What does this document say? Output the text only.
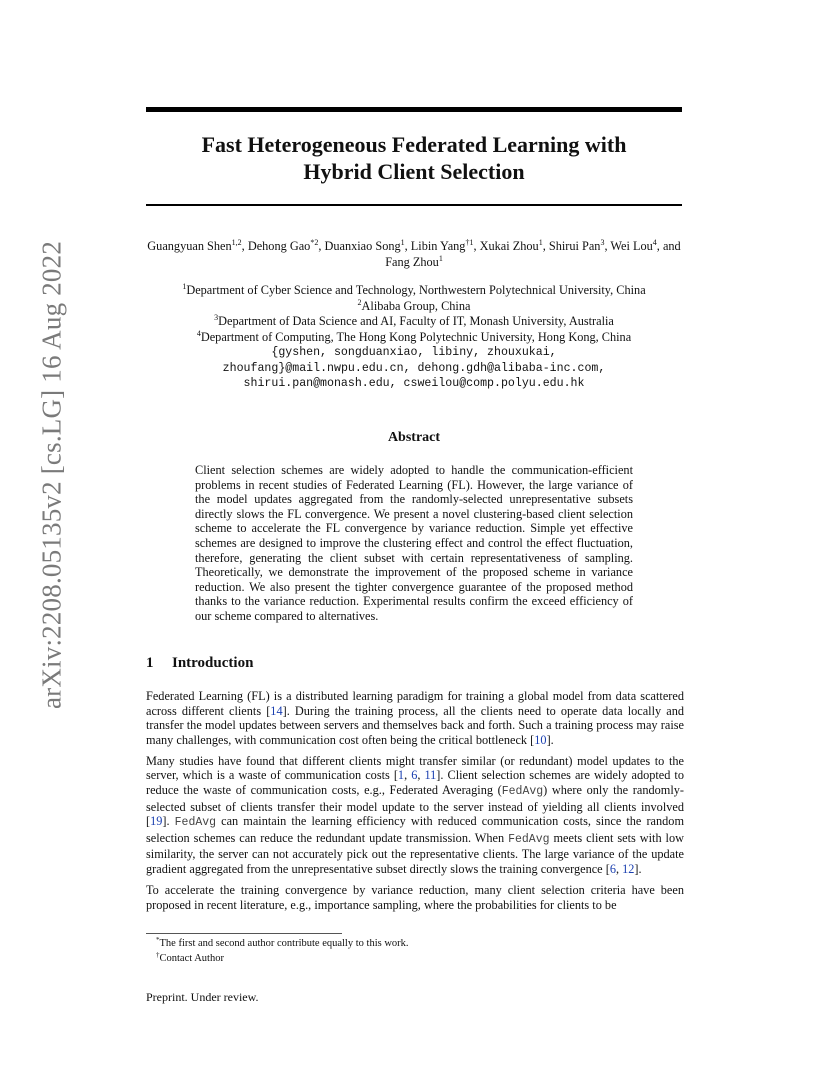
arXiv:2208.05135v2 [cs.LG] 16 Aug 2022
Fast Heterogeneous Federated Learning with
Hybrid Client Selection
Guangyuan Shen$^{1,2}$, Dehong Gao$^{*2}$, Duanxiao Song$^1$, Libin Yang$^{\dagger 1}$, Xukai Zhou$^1$, Shirui Pan$^3$, Wei Lou$^4$, and Fang Zhou$^1$
$^1$Department of Cyber Science and Technology, Northwestern Polytechnical University, China
$^2$Alibaba Group, China
$^3$Department of Data Science and AI, Faculty of IT, Monash University, Australia
$^4$Department of Computing, The Hong Kong Polytechnic University, Hong Kong, China
{gyshen, songduanxiao, libiny, zhouxukai,
zhoufang}@mail.nwpu.edu.cn, dehong.gdh@alibaba-inc.com,
shirui.pan@monash.edu, csweilou@comp.polyu.edu.hk
Abstract
Client selection schemes are widely adopted to handle the communication-efficient problems in recent studies of Federated Learning (FL). However, the large variance of the model updates aggregated from the randomly-selected unrepresentative subsets directly slows the FL convergence. We present a novel clustering-based client selection scheme to accelerate the FL convergence by variance reduction. Simple yet effective schemes are designed to improve the clustering effect and control the effect fluctuation, therefore, generating the client subset with certain representativeness of sampling. Theoretically, we demonstrate the improvement of the proposed scheme in variance reduction. We also present the tighter convergence guarantee of the proposed method thanks to the variance reduction. Experimental results confirm the exceed efficiency of our scheme compared to alternatives.
1 Introduction

Federated Learning (FL) is a distributed learning paradigm for training a global model from data scattered across different clients [14]. During the training process, all the clients need to operate data locally and transfer the model updates between servers and themselves back and forth. Such a training process may raise many challenges, with communication cost often being the critical bottleneck [10].

Many studies have found that different clients might transfer similar (or redundant) model updates to the server, which is a waste of communication costs [1, 6, 11]. Client selection schemes are widely adopted to reduce the waste of communication costs, e.g., Federated Averaging (FedAvg) where only the randomly-selected subset of clients transfer their model update to the server instead of yielding all clients involved [19]. FedAvg can maintain the learning efficiency with reduced communication costs, since the random selection schemes can reduce the redundant update transmission. When FedAvg meets client sets with low similarity, the server can not accurately pick out the representative clients. The large variance of the update gradient aggregated from the unrepresentative subset directly slows the training convergence [6, 12].

To accelerate the training convergence by variance reduction, many client selection criteria have been proposed in recent literature, e.g., importance sampling, where the probabilities for clients to be

*The first and second author contribute equally to this work.
†Contact Author
Preprint. Under review.
